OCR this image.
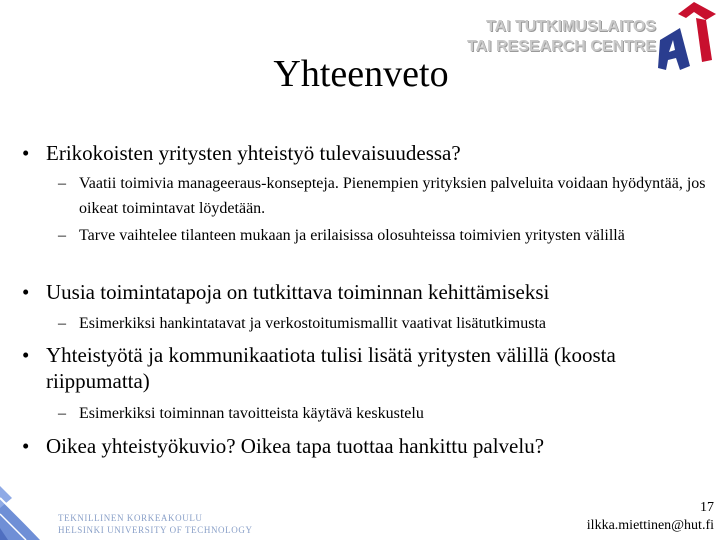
TAI TUTKIMUSLAITOS
TAI RESEARCH CENTRE
Yhteenveto
• Erikokoisten yritysten yhteistyö tulevaisuudessa?
– Vaatii toimivia manageeraus-konsepteja. Pienempien yrityksien palveluita voidaan hyödyntää, jos oikeat toimintavat löydetään.
– Tarve vaihtelee tilanteen mukaan ja erilaisissa olosuhteissa toimivien yritysten välillä
• Uusia toimintatapoja on tutkittava toiminnan kehittämiseksi
– Esimerkiksi hankintatavat ja verkostoitumismallit vaativat lisätutkimusta
• Yhteistyötä ja kommunikaatiota tulisi lisätä yritysten välillä (koosta riippumatta)
– Esimerkiksi toiminnan tavoitteista käytävä keskustelu
• Oikea yhteistyökuvio? Oikea tapa tuottaa hankittu palvelu?
TEKNILLINEN KORKEAKOULU
HELSINKI UNIVERSITY OF TECHNOLOGY
17
ilkka.miettinen@hut.fi
